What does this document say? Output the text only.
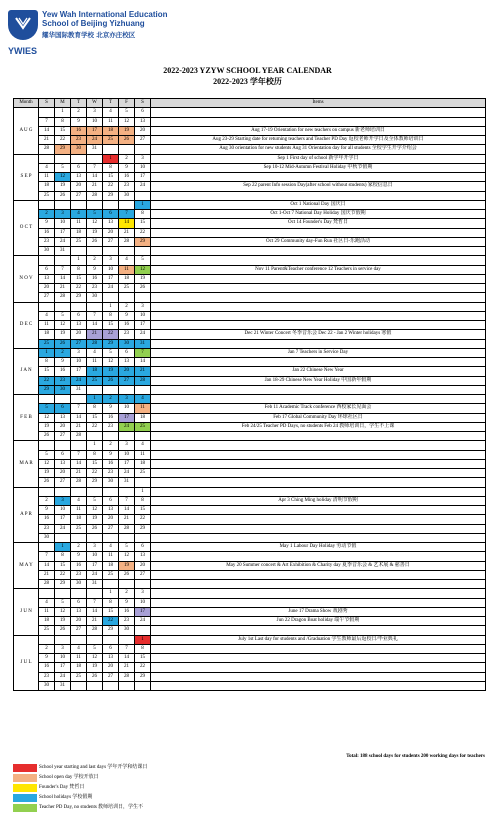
Yew Wah International Education School of Beijing Yizhuang
耀华国际教育学校 北京亦庄校区
YWIES
2022-2023 YZYW SCHOOL YEAR CALENDAR
2022-2023 学年校历
Month	S	M	T	W	T	F	S	Items
A U G		1	2	3	4	5	6	
	7	8	9	10	11	12	13	
	14	15	16	17	18	19	20	Aug 17-19 Orientation for new teachers on campus 新老师培训日
	21	22	23	24	25	26	27	Aug 23-29 Starting date for returning teachers and Teacher PD Day 返校老师开学日及全体教师培训日
	28	29	30	31				Aug 30 orientation for new students Aug 31 Orientation day for all students 全校学生开学介绍会
S E P					1	2	3	Sep 1 First day of school 新学年开学日
	4	5	6	7	8	9	10	Sep 10-12 Mid-Autumn Festival Holiday 中秋节假期
	11	12	13	14	15	16	17	
	18	19	20	21	22	23	24	Sep 22 parent Info session Day(after school without students) 家校信息日
	25	26	27	28	29	30		
O C T							1	Oct 1 National Day 国庆日
	2	3	4	5	6	7	8	Oct 1-Oct 7 National Day Holiday 国庆节假期
	9	10	11	12	13	14	15	Oct 14 Founder's Day 梵哲日
	16	17	18	19	20	21	22	
	23	24	25	26	27	28	29	Oct 29 Community day-Fun Run 社区日-乐跑活动
	30	31						
N O V			1	2	3	4	5	
	6	7	8	9	10	11	12	Nov 11 Parent&Teacher conference 12 Teachers in service day
	13	14	15	16	17	18	19	
	20	21	22	23	24	25	26	
	27	28	29	30				
D E C					1	2	3	
	4	5	6	7	8	9	10	
	11	12	13	14	15	16	17	
	18	19	20	21	22	23	24	Dec 21 Winter Concert 冬季音乐会 Dec 22 - Jan 2 Winter holidays 寒假
	25	26	27	28	29	30	31	
J A N	1	2	3	4	5	6	7	Jan 7 Teachers in Service Day
	8	9	10	11	12	13	14	
	15	16	17	18	19	20	21	Jan 22 Chinese New Year
	22	23	24	25	26	27	28	Jan 18-29 Chinese New Year Holiday 中国新年假期
	29	30	31					
F E B				1	2	3	4	
	5	6	7	8	9	10	11	Feb 11 Academic Track conference 西校家长见面会
	12	13	14	15	16	17	18	Feb 17 Global Community Day 环球社区日
	19	20	21	22	23	24	25	Feb 24/25 Teacher PD Days, no students Feb 24 教师培训日，学生不上课
	26	27	28					
M A R				1	2	3	4	
	5	6	7	8	9	10	11	
	12	13	14	15	16	17	18	
	19	20	21	22	23	24	25	
	26	27	28	29	30	31		
A P R							1	
	2	3	4	5	6	7	8	Apr 3 Ching Ming holiday 清明节假期
	9	10	11	12	13	14	15	
	16	17	18	19	20	21	22	
	23	24	25	26	27	28	29	
	30							
M A Y		1	2	3	4	5	6	May 1 Labour Day Holiday 劳动节假
	7	8	9	10	11	12	13	
	14	15	16	17	18	19	20	May 20 Summer concert & Art Exhibition & Charity day 夏季音乐会 & 艺术展 & 慈善日
	21	22	23	24	25	26	27	
	28	29	30	31				
J U N					1	2	3	
	4	5	6	7	8	9	10	
	11	12	13	14	15	16	17	June 17 Drama Show 戏剧秀
	18	19	20	21	22	23	24	Jun 22 Dragon Boat holiday 端午节假期
	25	26	27	28	29	30		
J U L							1	July 1st Last day for students and /Graduation 学生教师最后返校日/毕业典礼
	2	3	4	5	6	7	8	
	9	10	11	12	13	14	15	
	16	17	18	19	20	21	22	
	23	24	25	26	27	28	29	
	30	31						
Total: 188 school days for students 200 working days for teachers
School year starting and last days 学年开学和结课日
School open day 学校开放日
Founder's Day 梵哲日
School holidays 学校假期
Teacher PD Day, no students 教师培训日，学生不
